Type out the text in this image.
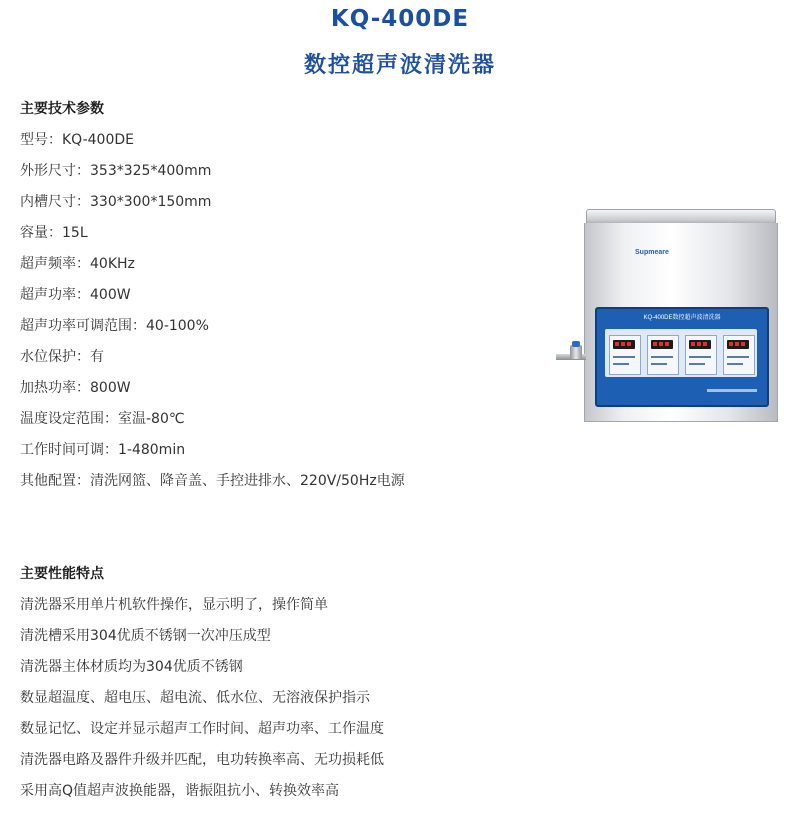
KQ-400DE
数控超声波清洗器
主要技术参数
型号：KQ-400DE
外形尺寸：353*325*400mm
内槽尺寸：330*300*150mm
容量：15L
超声频率：40KHz
超声功率：400W
超声功率可调范围：40-100%
水位保护：有
加热功率：800W
温度设定范围：室温-80℃
工作时间可调：1-480min
其他配置：清洗网篮、降音盖、手控进排水、220V/50Hz电源
主要性能特点
清洗器采用单片机软件操作，显示明了，操作简单
清洗槽采用304优质不锈钢一次冲压成型
清洗器主体材质均为304优质不锈钢
数显超温度、超电压、超电流、低水位、无溶液保护指示
数显记忆、设定并显示超声工作时间、超声功率、工作温度
清洗器电路及器件升级并匹配，电功转换率高、无功损耗低
采用高Q值超声波换能器，谐振阻抗小、转换效率高
Supmeare
KQ-400DE数控超声波清洗器
